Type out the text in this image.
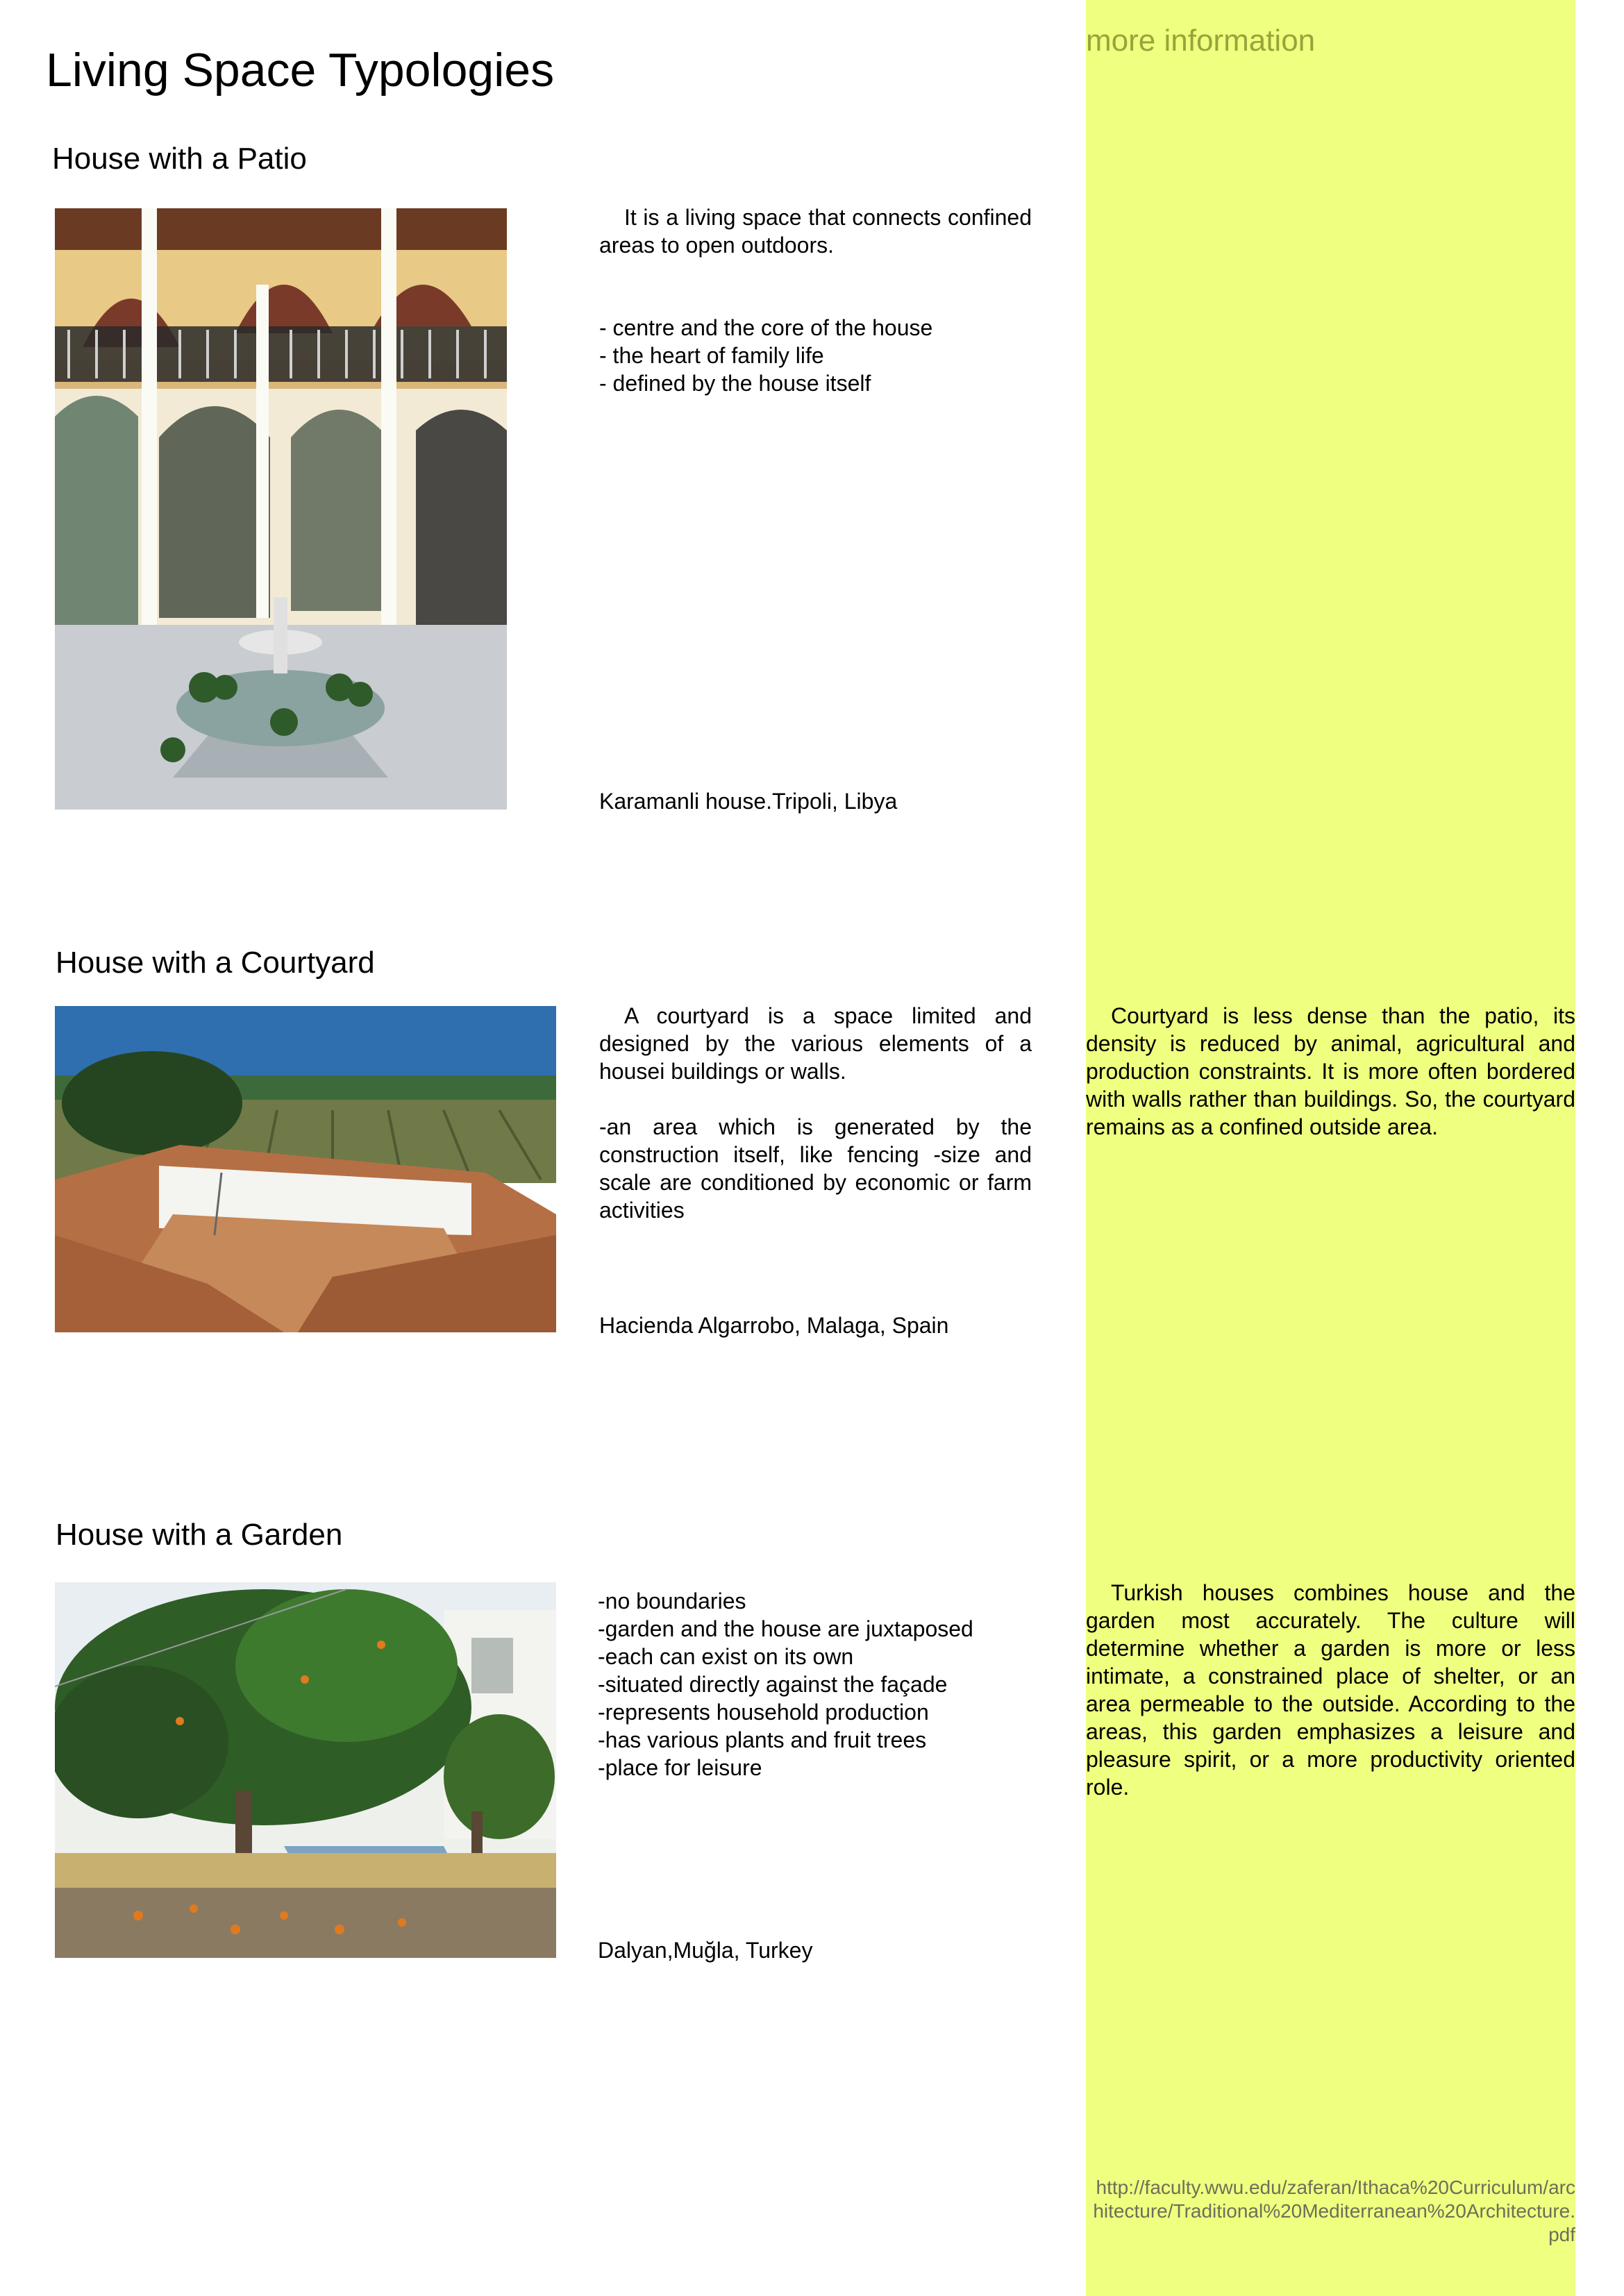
more information
Living Space Typologies
House with a Patio
It is a living space that connects confined areas to open outdoors.
- centre and the core of the house
- the heart of family life
- defined by the house itself
Karamanli house.Tripoli, Libya
House with a Courtyard
A courtyard is a space limited and designed by the various elements of a housei buildings or walls.
-an area which is generated by the construction itself, like fencing -size and scale are conditioned by economic or farm activities
Hacienda Algarrobo, Malaga, Spain
Courtyard is less dense than the patio, its density is reduced by animal, agricultural and production constraints. It is more often bordered with walls rather than buildings. So, the courtyard remains as a confined outside area.
House with a Garden
-no boundaries
-garden and the house are juxtaposed
-each can exist on its own
-situated directly against the façade
-represents household production
-has various plants and fruit trees
-place for leisure
Dalyan,Muğla, Turkey
Turkish houses combines house and the garden most accurately. The culture will determine whether a garden is more or less intimate, a constrained place of shelter, or an area permeable to the outside. According to the areas, this garden emphasizes a leisure and pleasure spirit, or a more productivity oriented role.
http://faculty.wwu.edu/zaferan/Ithaca%20Curriculum/architecture/Traditional%20Mediterranean%20Architecture.pdf
